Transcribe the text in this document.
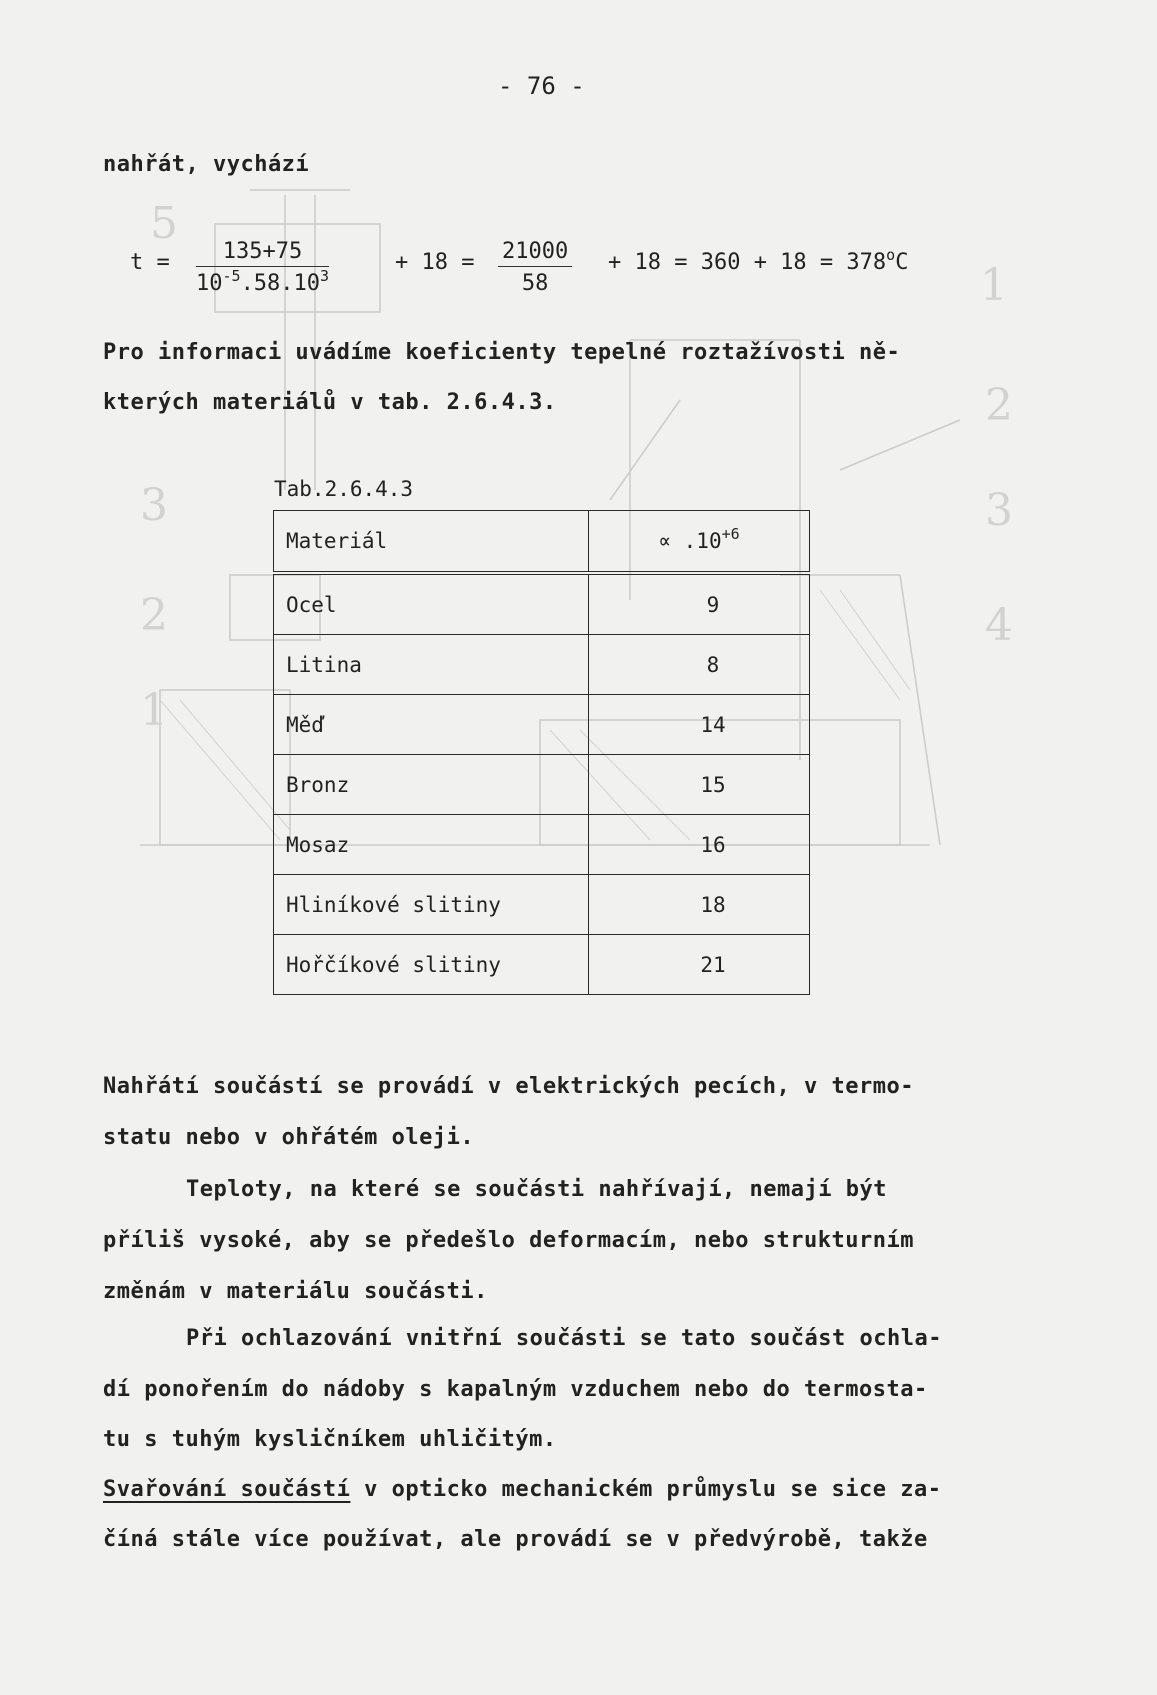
5
1
2
3
4
3
2
1
- 76 -
nahřát, vychází
$t = \frac{135+75}{10^{-5}.58.10^3}$	+ $18 = \frac{21000}{58} + 18 = 360 + 18 = 378^oC$
Pro informaci uvádíme koeficienty tepelné roztažívosti ně-
kterých materiálů v tab. 2.6.4.3.
Tab.2.6.4.3
Materiál	∝ $.10^{+6}$
Ocel	9
Litina	8
Měď	14
Bronz	15
Mosaz	16
Hliníkové slitiny	18
Hořčíkové slitiny	21
Nahřátí součástí se provádí v elektrických pecích, v termo-
statu nebo v ohřátém oleji.
Teploty, na které se součásti nahřívají, nemají být
příliš vysoké, aby se předešlo deformacím, nebo strukturním
změnám v materiálu součásti.
Při ochlazování vnitřní součásti se tato součást ochla-
dí ponořením do nádoby s kapalným vzduchem nebo do termosta-
tu s tuhým kysličníkem uhličitým.
Svařování součástí v opticko mechanickém průmyslu se sice za-
číná stále více používat, ale provádí se v předvýrobě, takže
